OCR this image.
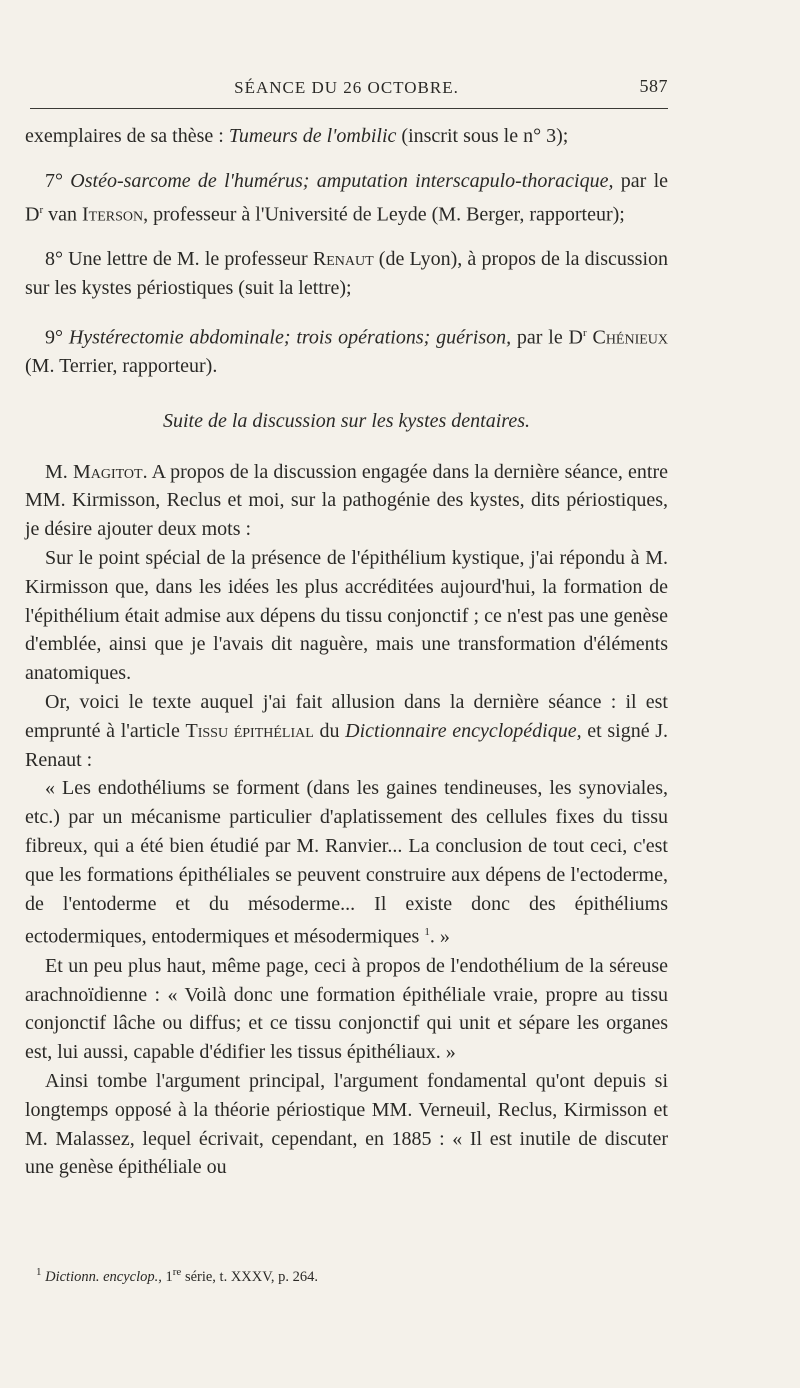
SÉANCE DU 26 OCTOBRE.	587

exemplaires de sa thèse : Tumeurs de l'ombilic (inscrit sous le n° 3);

7° Ostéo-sarcome de l'humérus; amputation interscapulo-thoracique, par le $D^r$ van Iterson, professeur à l'Université de Leyde (M. Berger, rapporteur);

8° Une lettre de M. le professeur Renaut (de Lyon), à propos de la discussion sur les kystes périostiques (suit la lettre);

9° Hystérectomie abdominale; trois opérations; guérison, par le $D^r$ Chénieux (M. Terrier, rapporteur).

Suite de la discussion sur les kystes dentaires.

M. Magitot. A propos de la discussion engagée dans la dernière séance, entre MM. Kirmisson, Reclus et moi, sur la pathogénie des kystes, dits périostiques, je désire ajouter deux mots :

Sur le point spécial de la présence de l'épithélium kystique, j'ai répondu à M. Kirmisson que, dans les idées les plus accréditées aujourd'hui, la formation de l'épithélium était admise aux dépens du tissu conjonctif ; ce n'est pas une genèse d'emblée, ainsi que je l'avais dit naguère, mais une transformation d'éléments anatomiques.

Or, voici le texte auquel j'ai fait allusion dans la dernière séance : il est emprunté à l'article Tissu épithélial du Dictionnaire encyclopédique, et signé J. Renaut :

« Les endothéliums se forment (dans les gaines tendineuses, les synoviales, etc.) par un mécanisme particulier d'aplatissement des cellules fixes du tissu fibreux, qui a été bien étudié par M. Ranvier... La conclusion de tout ceci, c'est que les formations épithéliales se peuvent construire aux dépens de l'ectoderme, de l'entoderme et du mésoderme... Il existe donc des épithéliums ectodermiques, entodermiques et mésodermiques $^1$. »

Et un peu plus haut, même page, ceci à propos de l'endothélium de la séreuse arachnoïdienne : « Voilà donc une formation épithéliale vraie, propre au tissu conjonctif lâche ou diffus; et ce tissu conjonctif qui unit et sépare les organes est, lui aussi, capable d'édifier les tissus épithéliaux. »

Ainsi tombe l'argument principal, l'argument fondamental qu'ont depuis si longtemps opposé à la théorie périostique MM. Verneuil, Reclus, Kirmisson et M. Malassez, lequel écrivait, cependant, en 1885 : « Il est inutile de discuter une genèse épithéliale ou

$^1$ Dictionn. encyclop., 1re série, t. XXXV, p. 264.
